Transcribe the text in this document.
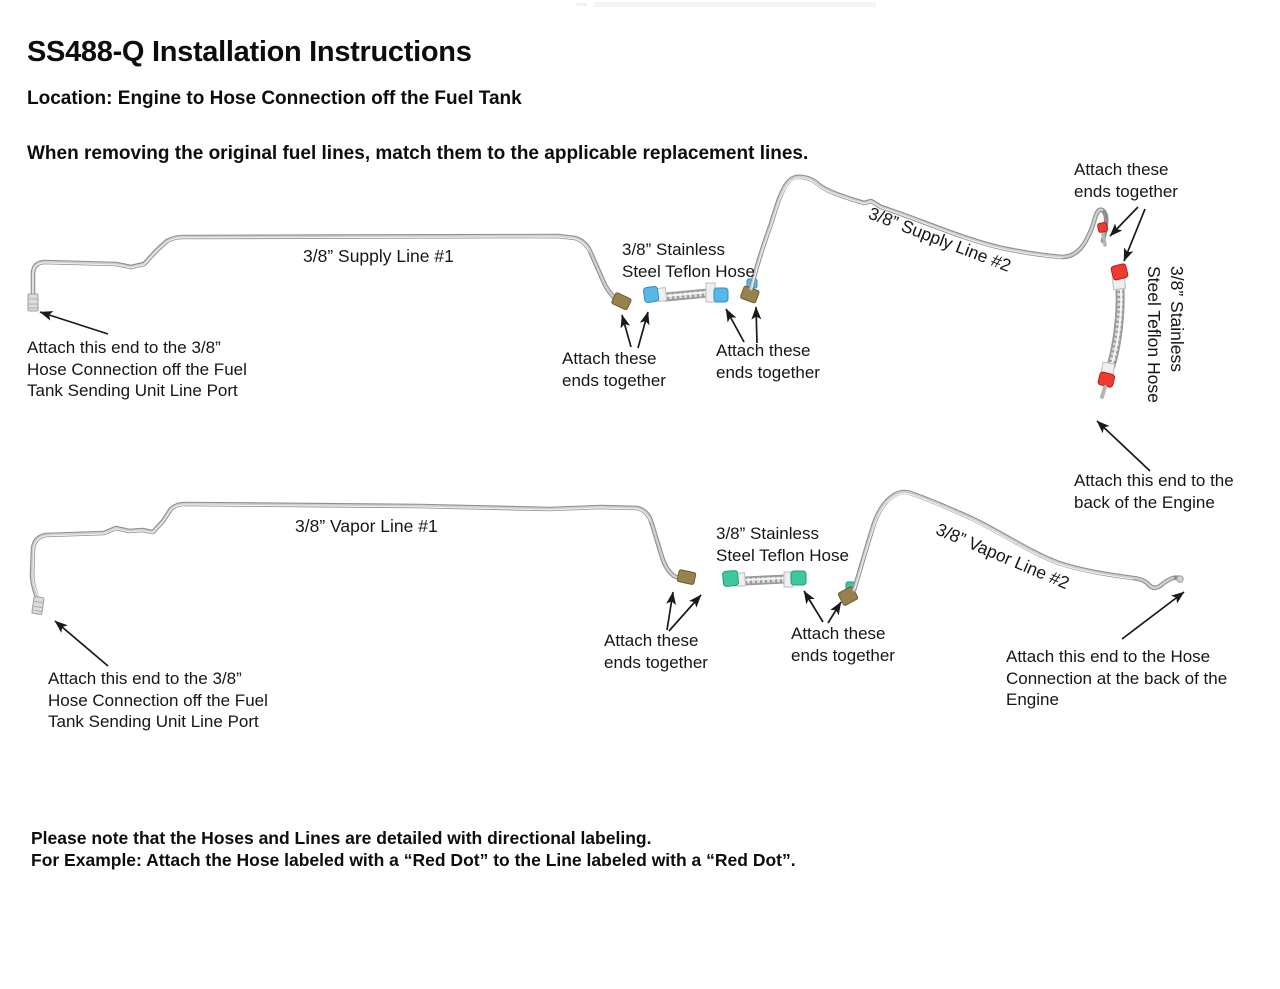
SS488-Q Installation Instructions
Location: Engine to Hose Connection off the Fuel Tank
When removing the original fuel lines, match them to the applicable replacement lines.
3/8” Supply Line #1	3/8” Stainless
Steel Teflon Hose
Attach these
ends together
Attach these
ends together
3/8” Supply Line #2
Attach these
ends together
3/8” Stainless
Steel Teflon Hose
Attach this end to the 3/8”
Hose Connection off the Fuel
Tank Sending Unit Line Port
Attach this end to the
back of the Engine
3/8” Vapor Line #1	3/8” Stainless
Steel Teflon Hose
Attach these
ends together
Attach these
ends together
3/8” Vapor Line #2
Attach this end to the 3/8”
Hose Connection off the Fuel
Tank Sending Unit Line Port
Attach this end to the Hose
Connection at the back of the
Engine
Please note that the Hoses and Lines are detailed with directional labeling.
For Example: Attach the Hose labeled with a “Red Dot” to the Line labeled with a “Red Dot”.
